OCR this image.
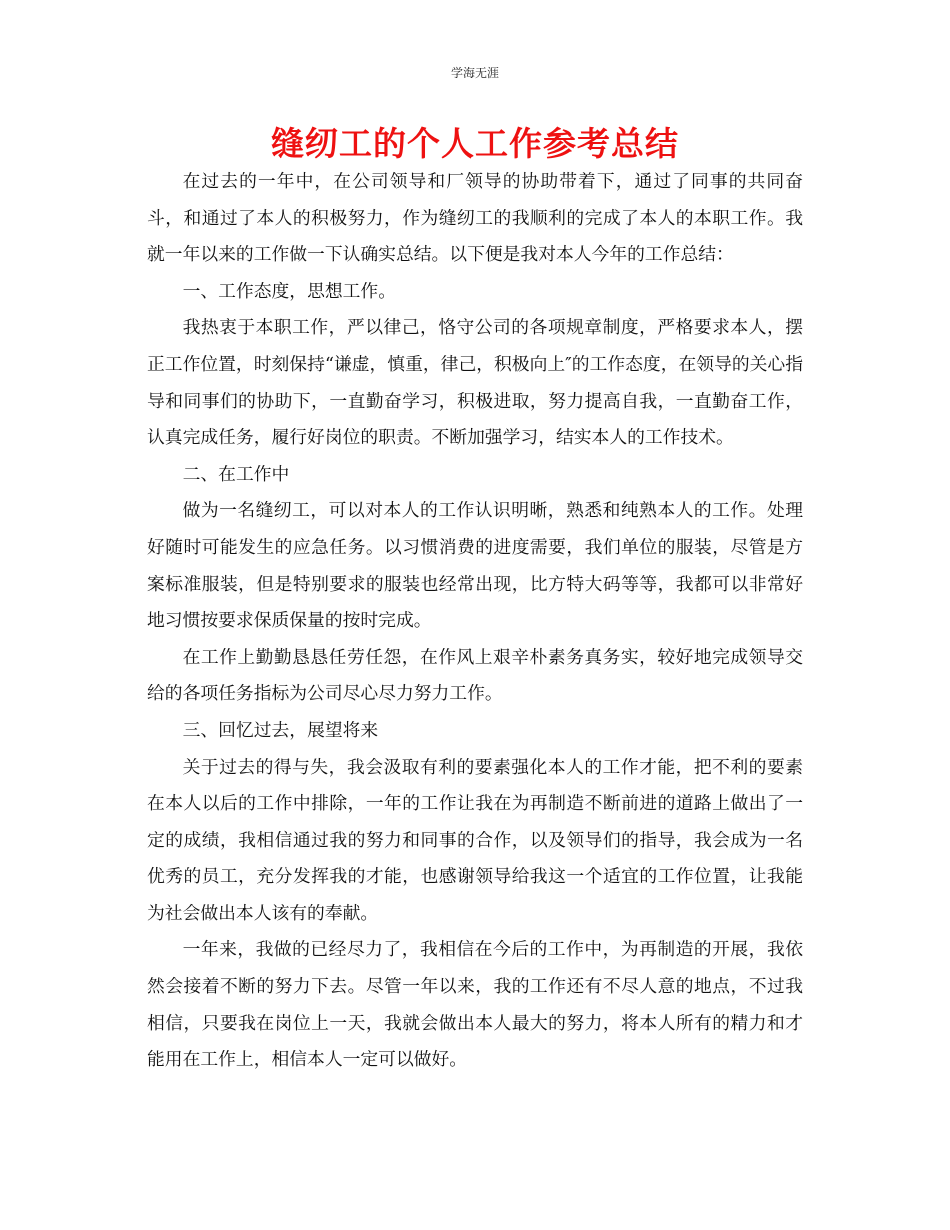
学海无涯
缝纫工的个人工作参考总结

在过去的一年中，在公司领导和厂领导的协助带着下，通过了同事的共同奋斗，和通过了本人的积极努力，作为缝纫工的我顺利的完成了本人的本职工作。我就一年以来的工作做一下认确实总结。以下便是我对本人今年的工作总结：

一、工作态度，思想工作。

我热衷于本职工作，严以律己，恪守公司的各项规章制度，严格要求本人，摆正工作位置，时刻保持“谦虚，慎重，律己，积极向上″的工作态度，在领导的关心指导和同事们的协助下，一直勤奋学习，积极进取，努力提高自我，一直勤奋工作，认真完成任务，履行好岗位的职责。不断加强学习，结实本人的工作技术。

二、在工作中

做为一名缝纫工，可以对本人的工作认识明晰，熟悉和纯熟本人的工作。处理好随时可能发生的应急任务。以习惯消费的进度需要，我们单位的服装，尽管是方案标准服装，但是特别要求的服装也经常出现，比方特大码等等，我都可以非常好地习惯按要求保质保量的按时完成。

在工作上勤勤恳恳任劳任怨，在作风上艰辛朴素务真务实，较好地完成领导交给的各项任务指标为公司尽心尽力努力工作。

三、回忆过去，展望将来

关于过去的得与失，我会汲取有利的要素强化本人的工作才能，把不利的要素在本人以后的工作中排除，一年的工作让我在为再制造不断前进的道路上做出了一定的成绩，我相信通过我的努力和同事的合作，以及领导们的指导，我会成为一名优秀的员工，充分发挥我的才能，也感谢领导给我这一个适宜的工作位置，让我能为社会做出本人该有的奉献。

一年来，我做的已经尽力了，我相信在今后的工作中，为再制造的开展，我依然会接着不断的努力下去。尽管一年以来，我的工作还有不尽人意的地点，不过我相信，只要我在岗位上一天，我就会做出本人最大的努力，将本人所有的精力和才能用在工作上，相信本人一定可以做好。
